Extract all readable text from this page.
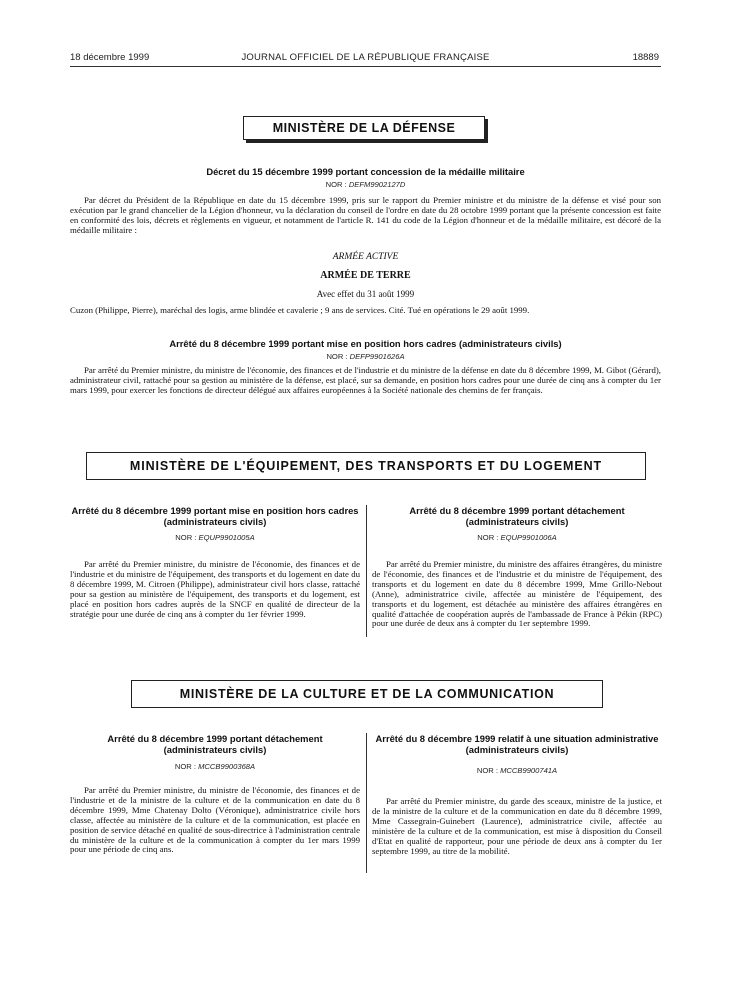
18 décembre 1999	JOURNAL OFFICIEL DE LA RÉPUBLIQUE FRANÇAISE	18889
MINISTÈRE DE LA DÉFENSE
Décret du 15 décembre 1999 portant concession de la médaille militaire
NOR : DEFM9902127D

Par décret du Président de la République en date du 15 décembre 1999, pris sur le rapport du Premier ministre et du ministre de la défense et visé pour son exécution par le grand chancelier de la Légion d'honneur, vu la déclaration du conseil de l'ordre en date du 28 octobre 1999 portant que la présente concession est faite en conformité des lois, décrets et règlements en vigueur, et notamment de l'article R. 141 du code de la Légion d'honneur et de la médaille militaire, est décoré de la médaille militaire :

ARMÉE ACTIVE
ARMÉE DE TERRE
Avec effet du 31 août 1999

Cuzon (Philippe, Pierre), maréchal des logis, arme blindée et cavalerie ; 9 ans de services. Cité. Tué en opérations le 29 août 1999.

Arrêté du 8 décembre 1999 portant mise en position hors cadres (administrateurs civils)
NOR : DEFP9901626A

Par arrêté du Premier ministre, du ministre de l'économie, des finances et de l'industrie et du ministre de la défense en date du 8 décembre 1999, M. Gibot (Gérard), administrateur civil, rattaché pour sa gestion au ministère de la défense, est placé, sur sa demande, en position hors cadres pour une durée de cinq ans à compter du 1er mars 1999, pour exercer les fonctions de directeur délégué aux affaires européennes à la Société nationale des chemins de fer français.

MINISTÈRE DE L'ÉQUIPEMENT, DES TRANSPORTS ET DU LOGEMENT
Arrêté du 8 décembre 1999 portant mise en position hors cadres (administrateurs civils)
NOR : EQUP9901005A

Par arrêté du Premier ministre, du ministre de l'économie, des finances et de l'industrie et du ministre de l'équipement, des transports et du logement en date du 8 décembre 1999, M. Citroen (Philippe), administrateur civil hors classe, rattaché pour sa gestion au ministère de l'équipement, des transports et du logement, est placé en position hors cadres auprès de la SNCF en qualité de directeur de la stratégie pour une durée de cinq ans à compter du 1er février 1999.

Arrêté du 8 décembre 1999 portant détachement (administrateurs civils)
NOR : EQUP9901006A

Par arrêté du Premier ministre, du ministre des affaires étrangères, du ministre de l'économie, des finances et de l'industrie et du ministre de l'équipement, des transports et du logement en date du 8 décembre 1999, Mme Grillo-Nebout (Anne), administratrice civile, affectée au ministère de l'équipement, des transports et du logement, est détachée au ministère des affaires étrangères en qualité d'attachée de coopération auprès de l'ambassade de France à Pékin (RPC) pour une durée de deux ans à compter du 1er septembre 1999.

MINISTÈRE DE LA CULTURE ET DE LA COMMUNICATION
Arrêté du 8 décembre 1999 portant détachement (administrateurs civils)
NOR : MCCB9900368A

Par arrêté du Premier ministre, du ministre de l'économie, des finances et de l'industrie et de la ministre de la culture et de la communication en date du 8 décembre 1999, Mme Chatenay Dolto (Véronique), administratrice civile hors classe, affectée au ministère de la culture et de la communication, est placée en position de service détaché en qualité de sous-directrice à l'administration centrale du ministère de la culture et de la communication à compter du 1er mars 1999 pour une période de cinq ans.

Arrêté du 8 décembre 1999 relatif à une situation administrative (administrateurs civils)
NOR : MCCB9900741A

Par arrêté du Premier ministre, du garde des sceaux, ministre de la justice, et de la ministre de la culture et de la communication en date du 8 décembre 1999, Mme Cassegrain-Guinebert (Laurence), administratrice civile, affectée au ministère de la culture et de la communication, est mise à disposition du Conseil d'Etat en qualité de rapporteur, pour une période de deux ans à compter du 1er septembre 1999, au titre de la mobilité.
